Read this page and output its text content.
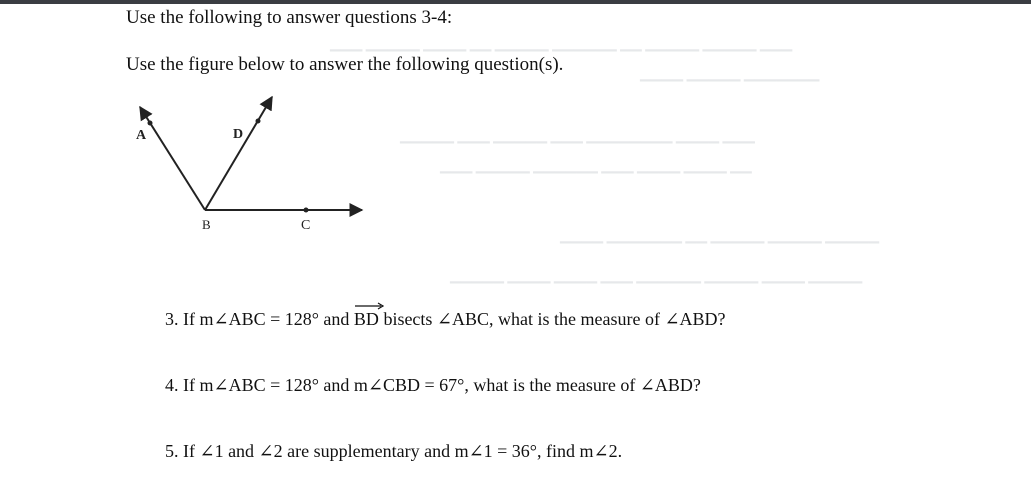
▁▁▁ ▁▁▁▁▁ ▁▁▁▁ ▁▁ ▁▁▁▁▁ ▁▁▁▁▁▁ ▁▁ ▁▁▁▁▁ ▁▁▁▁▁ ▁▁▁
▁▁▁▁ ▁▁▁▁▁ ▁▁▁▁▁▁▁
▁▁▁▁▁ ▁▁▁ ▁▁▁▁▁ ▁▁▁ ▁▁▁▁▁▁▁▁ ▁▁▁▁ ▁▁▁
▁▁▁ ▁▁▁▁▁ ▁▁▁▁▁▁ ▁▁▁ ▁▁▁▁ ▁▁▁▁ ▁▁
▁▁▁▁ ▁▁▁▁▁▁▁ ▁▁ ▁▁▁▁▁ ▁▁▁▁▁ ▁▁▁▁▁
▁▁▁▁▁ ▁▁▁▁ ▁▁▁▁ ▁▁▁ ▁▁▁▁▁▁ ▁▁▁▁▁ ▁▁▁▁ ▁▁▁▁▁
Use the following to answer questions 3-4:
Use the figure below to answer the following question(s).
A	D
B	C
3. If m∠ABC = 128° and
BD bisects ∠ABC, what is the measure of ∠ABD?
4. If m∠ABC = 128° and m∠CBD = 67°, what is the measure of ∠ABD?
5. If ∠1 and ∠2 are supplementary and m∠1 = 36°, find m∠2.
